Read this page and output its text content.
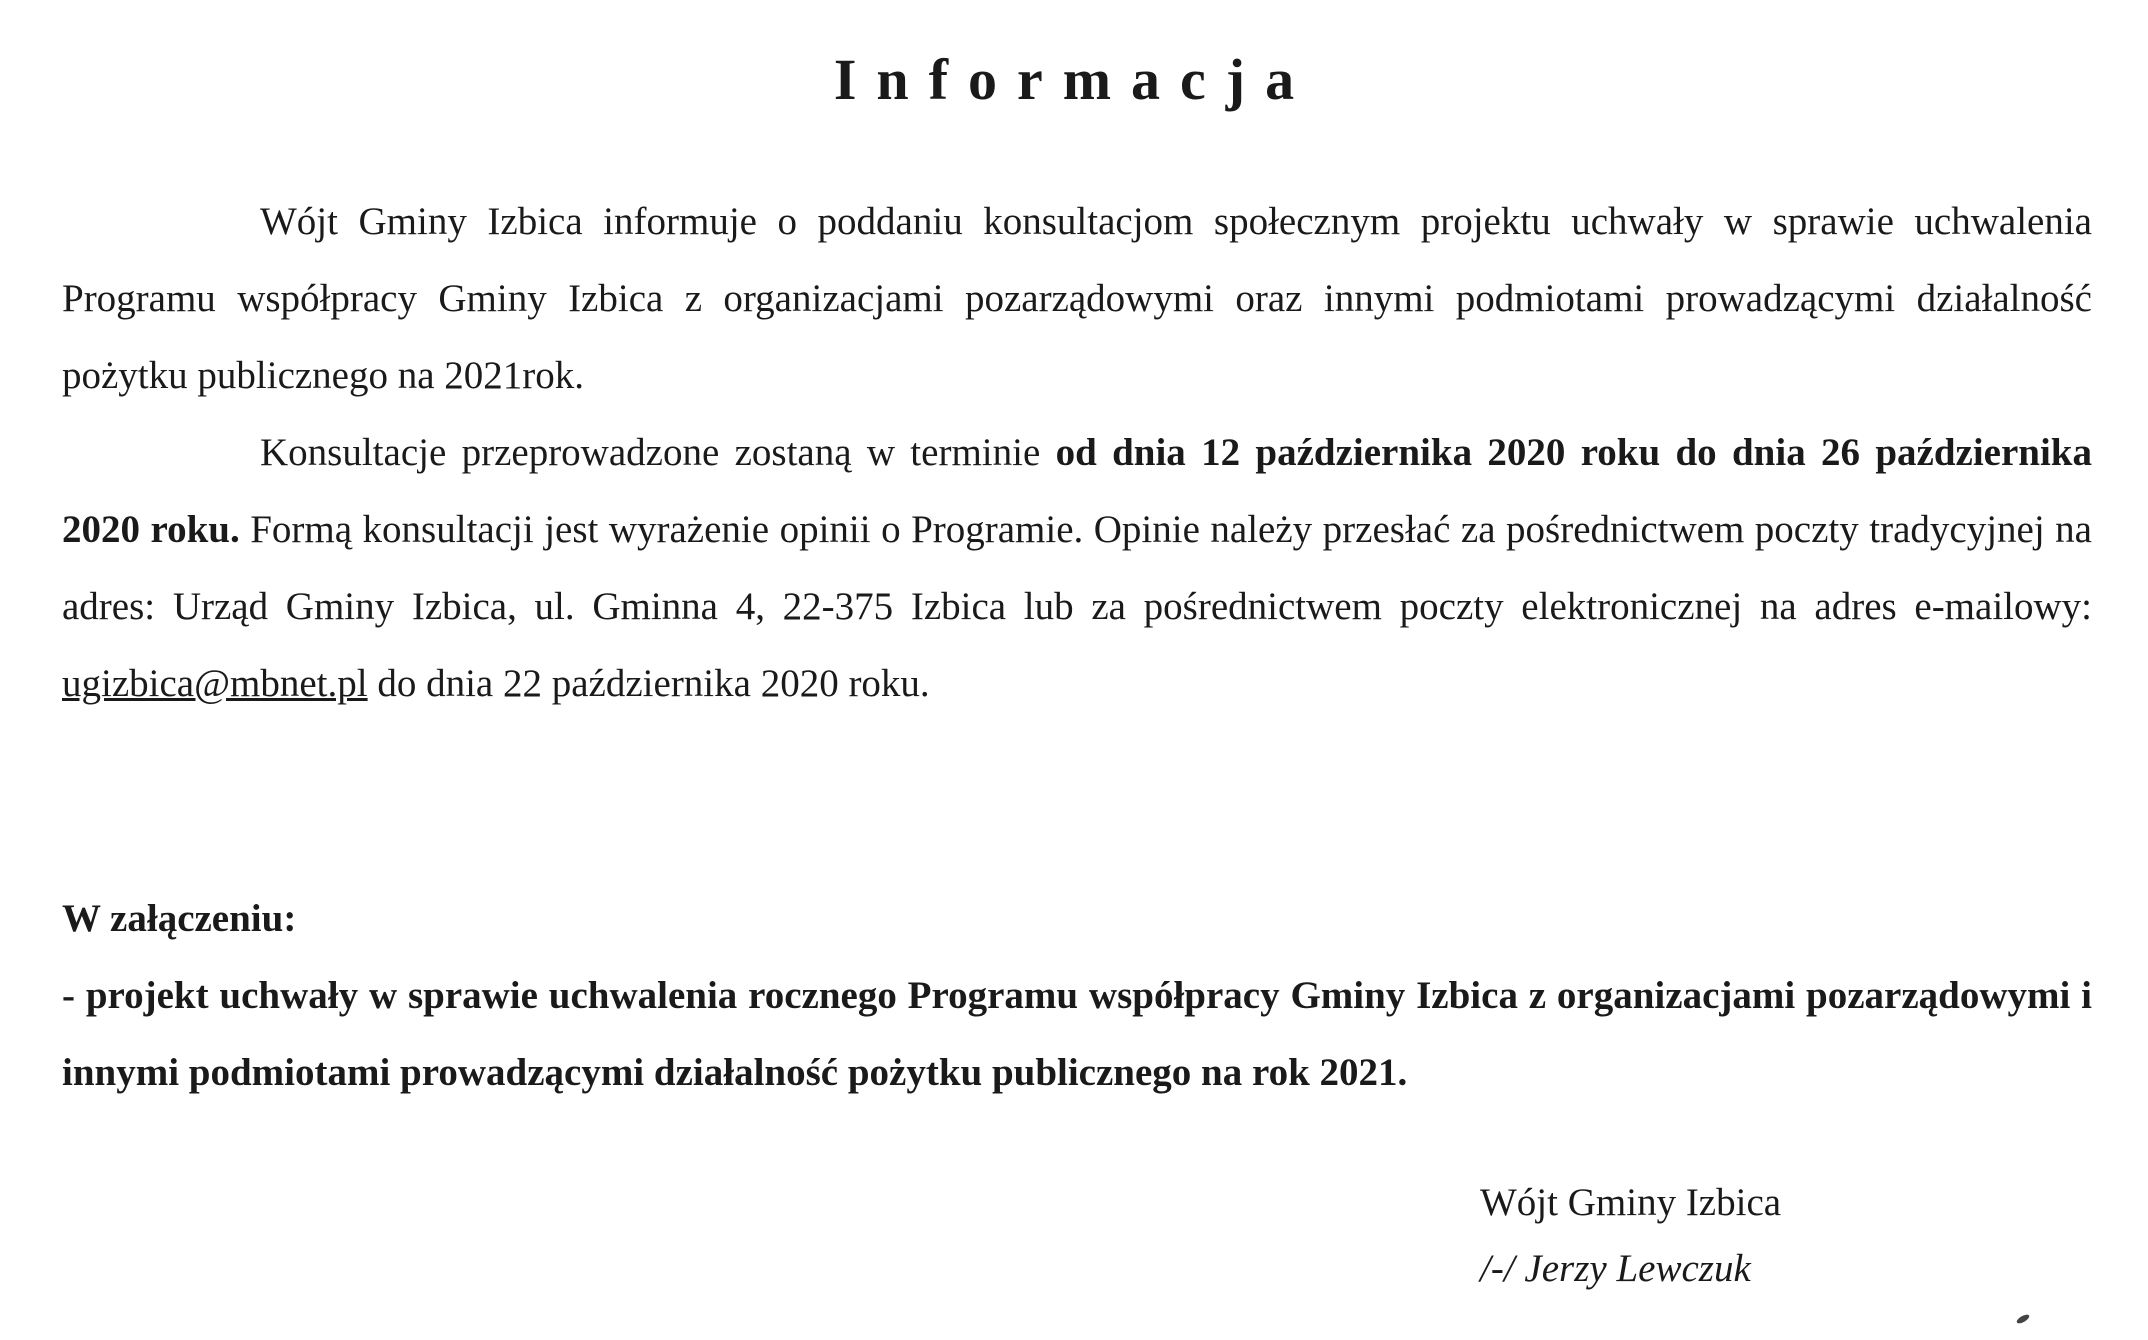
Informacja

Wójt Gminy Izbica informuje o poddaniu konsultacjom społecznym projektu uchwały w sprawie uchwalenia Programu współpracy Gminy Izbica z organizacjami pozarządowymi oraz innymi podmiotami prowadzącymi działalność pożytku publicznego na 2021rok.

Konsultacje przeprowadzone zostaną w terminie od dnia 12 października 2020 roku do dnia 26 października 2020 roku. Formą konsultacji jest wyrażenie opinii o Programie. Opinie należy przesłać za pośrednictwem poczty tradycyjnej na adres: Urząd Gminy Izbica, ul. Gminna 4, 22-375 Izbica lub za pośrednictwem poczty elektronicznej na adres e-mailowy: ugizbica@mbnet.pl do dnia 22 października 2020 roku.

W załączeniu:

- projekt uchwały w sprawie uchwalenia rocznego Programu współpracy Gminy Izbica z organizacjami pozarządowymi i innymi podmiotami prowadzącymi działalność pożytku publicznego na rok 2021.

Wójt Gminy Izbica
/-/ Jerzy Lewczuk
